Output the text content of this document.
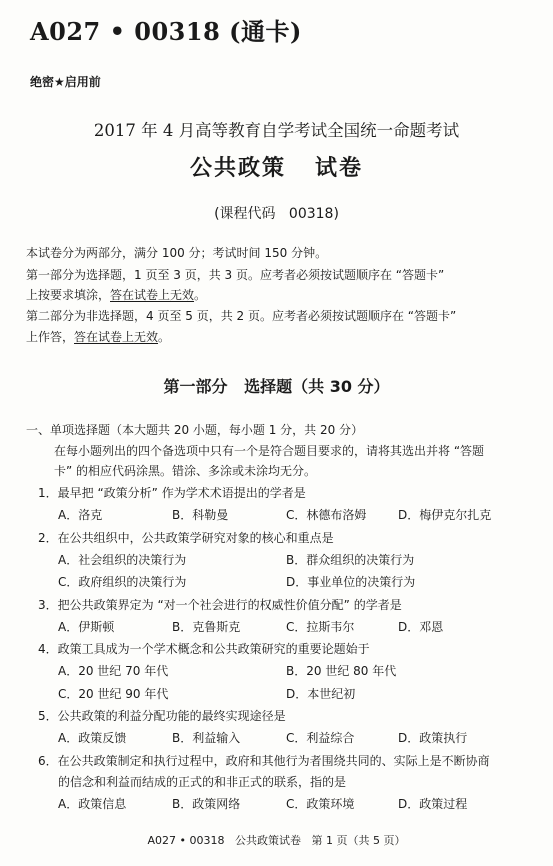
A027 • 00318 (通卡)
绝密★启用前
2017 年 4 月高等教育自学考试全国统一命题考试
公共政策   试卷
(课程代码   00318)
本试卷分为两部分，满分 100 分；考试时间 150 分钟。
第一部分为选择题，1 页至 3 页，共 3 页。应考者必须按试题顺序在 “答题卡”
上按要求填涂，答在试卷上无效。
第二部分为非选择题，4 页至 5 页，共 2 页。应考者必须按试题顺序在 “答题卡”
上作答，答在试卷上无效。
第一部分   选择题（共 30 分）
一、单项选择题（本大题共 20 小题，每小题 1 分，共 20 分）
在每小题列出的四个备选项中只有一个是符合题目要求的，请将其选出并将 “答题
卡” 的相应代码涂黑。错涂、多涂或未涂均无分。
1．最早把 “政策分析” 作为学术术语提出的学者是
A．洛克	B．科勒曼	C．林德布洛姆	D．梅伊克尔扎克
2．在公共组织中，公共政策学研究对象的核心和重点是
A．社会组织的决策行为	B．群众组织的决策行为
C．政府组织的决策行为	D．事业单位的决策行为
3．把公共政策界定为 “对一个社会进行的权威性价值分配” 的学者是
A．伊斯顿	B．克鲁斯克	C．拉斯韦尔	D．邓恩
4．政策工具成为一个学术概念和公共政策研究的重要论题始于
A．20 世纪 70 年代	B．20 世纪 80 年代
C．20 世纪 90 年代	D．本世纪初
5．公共政策的利益分配功能的最终实现途径是
A．政策反馈	B．利益输入	C．利益综合	D．政策执行
6．在公共政策制定和执行过程中，政府和其他行为者围绕共同的、实际上是不断协商
的信念和利益而结成的正式的和非正式的联系，指的是
A．政策信息	B．政策网络	C．政策环境	D．政策过程
A027 • 00318   公共政策试卷   第 1 页（共 5 页）
